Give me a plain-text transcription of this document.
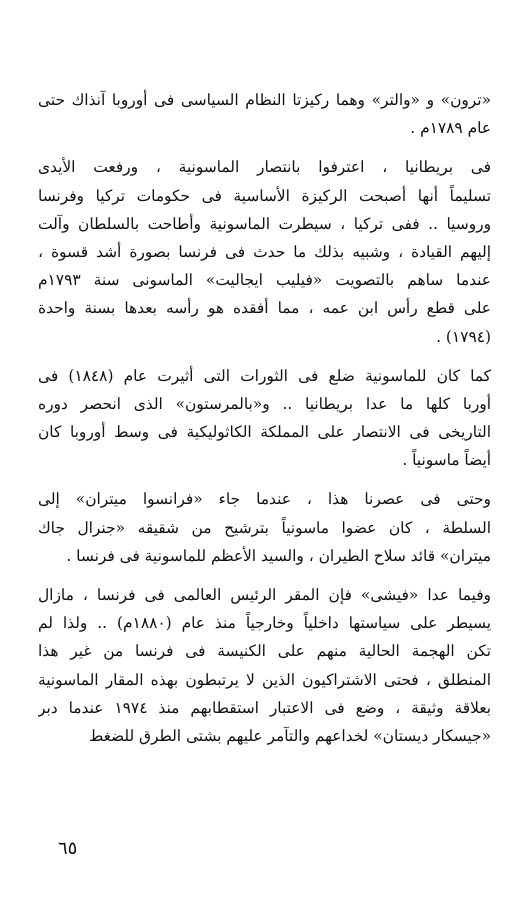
«ترون» و «والتر» وهما ركيزتا النظام السياسى فى أوروبا آنذاك حتى
عام ١٧٨٩م .
فى بريطانيا ، اعترفوا بانتصار الماسونية ، ورفعت الأيدى
تسليماً أنها أصبحت الركيزة الأساسية فى حكومات تركيا وفرنسا
وروسيا .. ففى تركيا ، سيطرت الماسونية وأطاحت بالسلطان وآلت
إليهم القيادة ، وشبيه بذلك ما حدث فى فرنسا بصورة أشد قسوة ،
عندما ساهم بالتصويت «فيليب ايجاليت» الماسونى سنة ١٧٩٣م
على قطع رأس ابن عمه ، مما أفقده هو رأسه بعدها بسنة واحدة
(١٧٩٤) .
كما كان للماسونية ضلع فى الثورات التى أثيرت عام (١٨٤٨) فى
أوربا كلها ما عدا بريطانيا .. و«بالمرستون» الذى انحصر دوره
التاريخى فى الانتصار على المملكة الكاثوليكية فى وسط أوروبا كان
أيضاً ماسونياً .
وحتى فى عصرنا هذا ، عندما جاء «فرانسوا ميتران» إلى
السلطة ، كان عضوا ماسونياً بترشيح من شقيقه «جنرال جاك
ميتران» قائد سلاح الطيران ، والسيد الأعظم للماسونية فى فرنسا .
وفيما عدا «فيشى» فإن المقر الرئيس العالمى فى فرنسا ، مازال
يسيطر على سياستها داخلياً وخارجياً منذ عام (١٨٨٠م) .. ولذا لم
تكن الهجمة الحالية منهم على الكنيسة فى فرنسا من غير هذا
المنطلق ، فحتى الاشتراكيون الذين لا يرتبطون بهذه المقار الماسونية
بعلاقة وثيقة ، وضع فى الاعتبار استقطابهم منذ ١٩٧٤ عندما دبر
«جيسكار ديستان» لخداعهم والتآمر عليهم بشتى الطرق للضغط
٦٥
